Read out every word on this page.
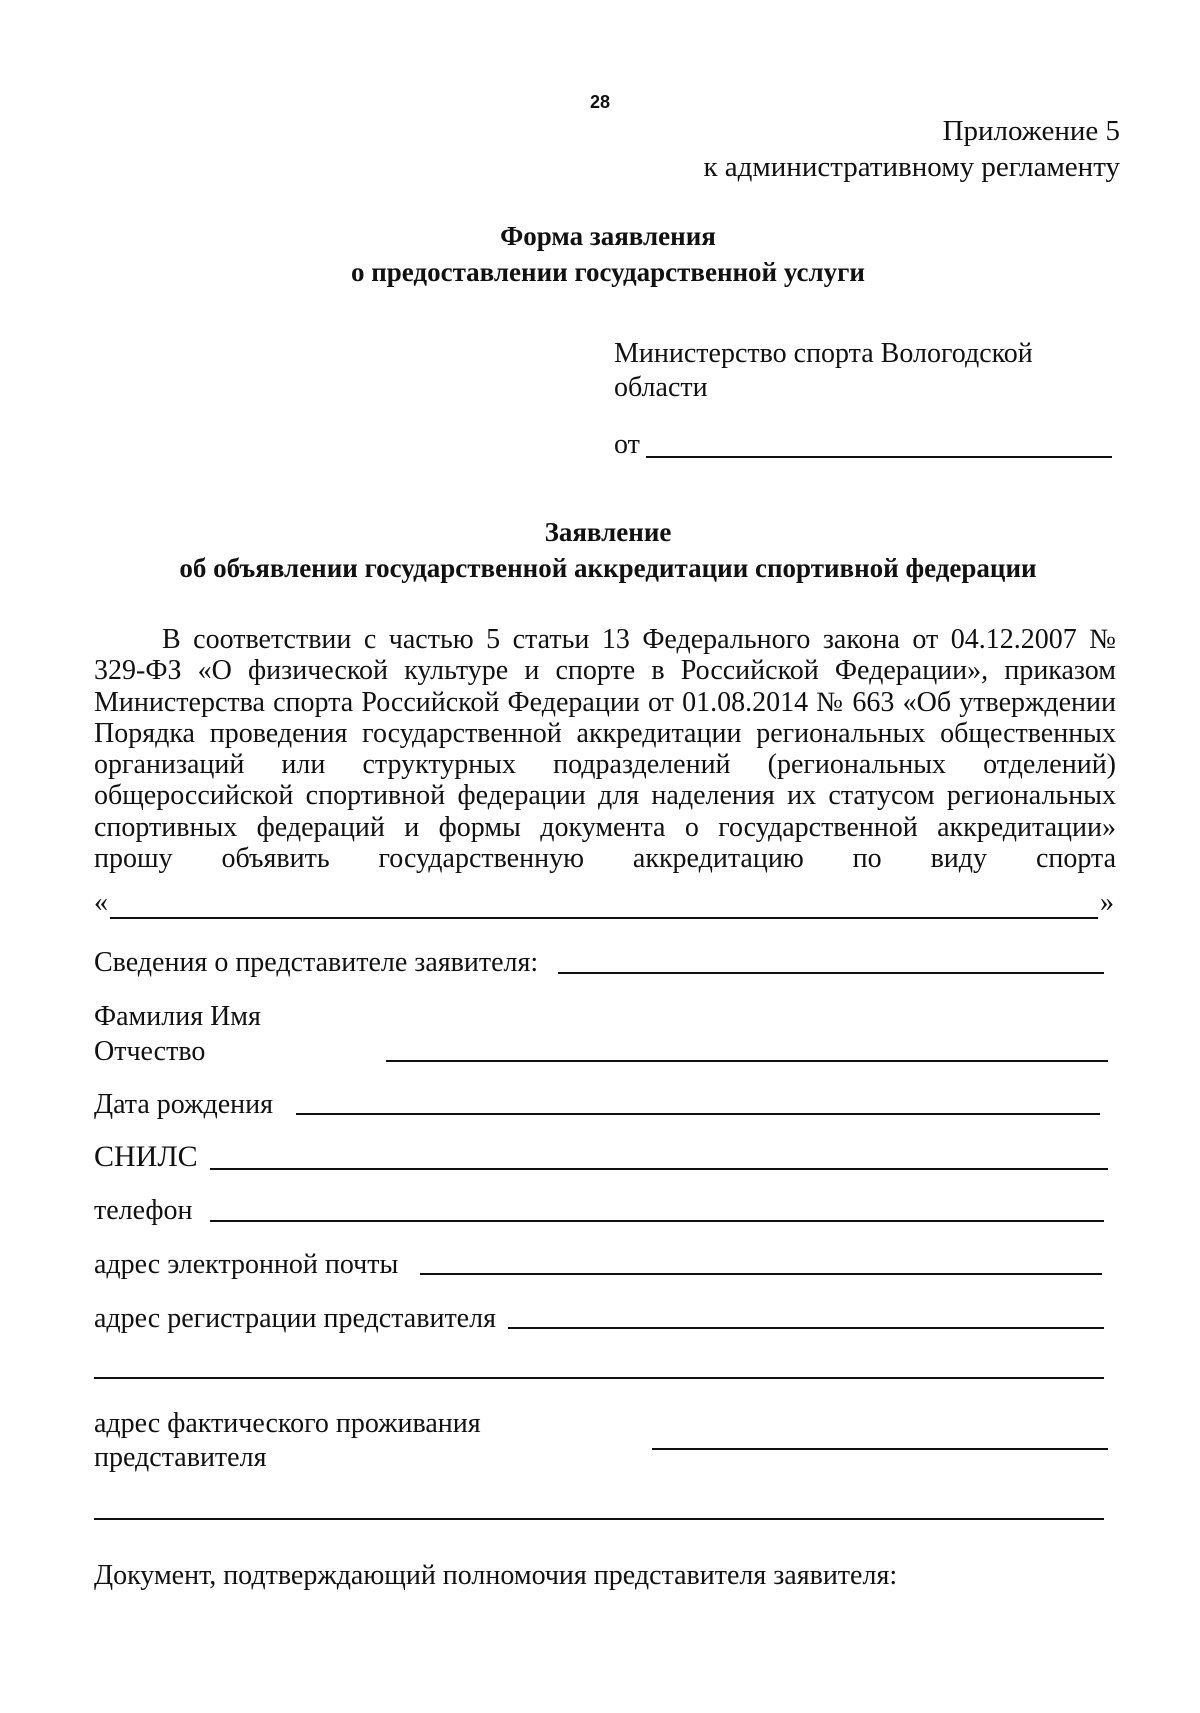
28
Приложение 5
к административному регламенту
Форма заявления
о предоставлении государственной услуги
Министерство спорта Вологодской
области
от
Заявление
об объявлении государственной аккредитации спортивной федерации
В соответствии с частью 5 статьи 13 Федерального закона от 04.12.2007 №
329-ФЗ «О физической культуре и спорте в Российской Федерации», приказом
Министерства спорта Российской Федерации от 01.08.2014 № 663 «Об утверждении
Порядка проведения государственной аккредитации региональных общественных
организаций или структурных подразделений (региональных отделений)
общероссийской спортивной федерации для наделения их статусом региональных
спортивных федераций и формы документа о государственной аккредитации»
прошу объявить государственную аккредитацию по виду спорта
«	»
Сведения о представителе заявителя:
Фамилия Имя
Отчество
Дата рождения
СНИЛС
телефон
адрес электронной почты
адрес регистрации представителя
адрес фактического проживания
представителя
Документ, подтверждающий полномочия представителя заявителя:
